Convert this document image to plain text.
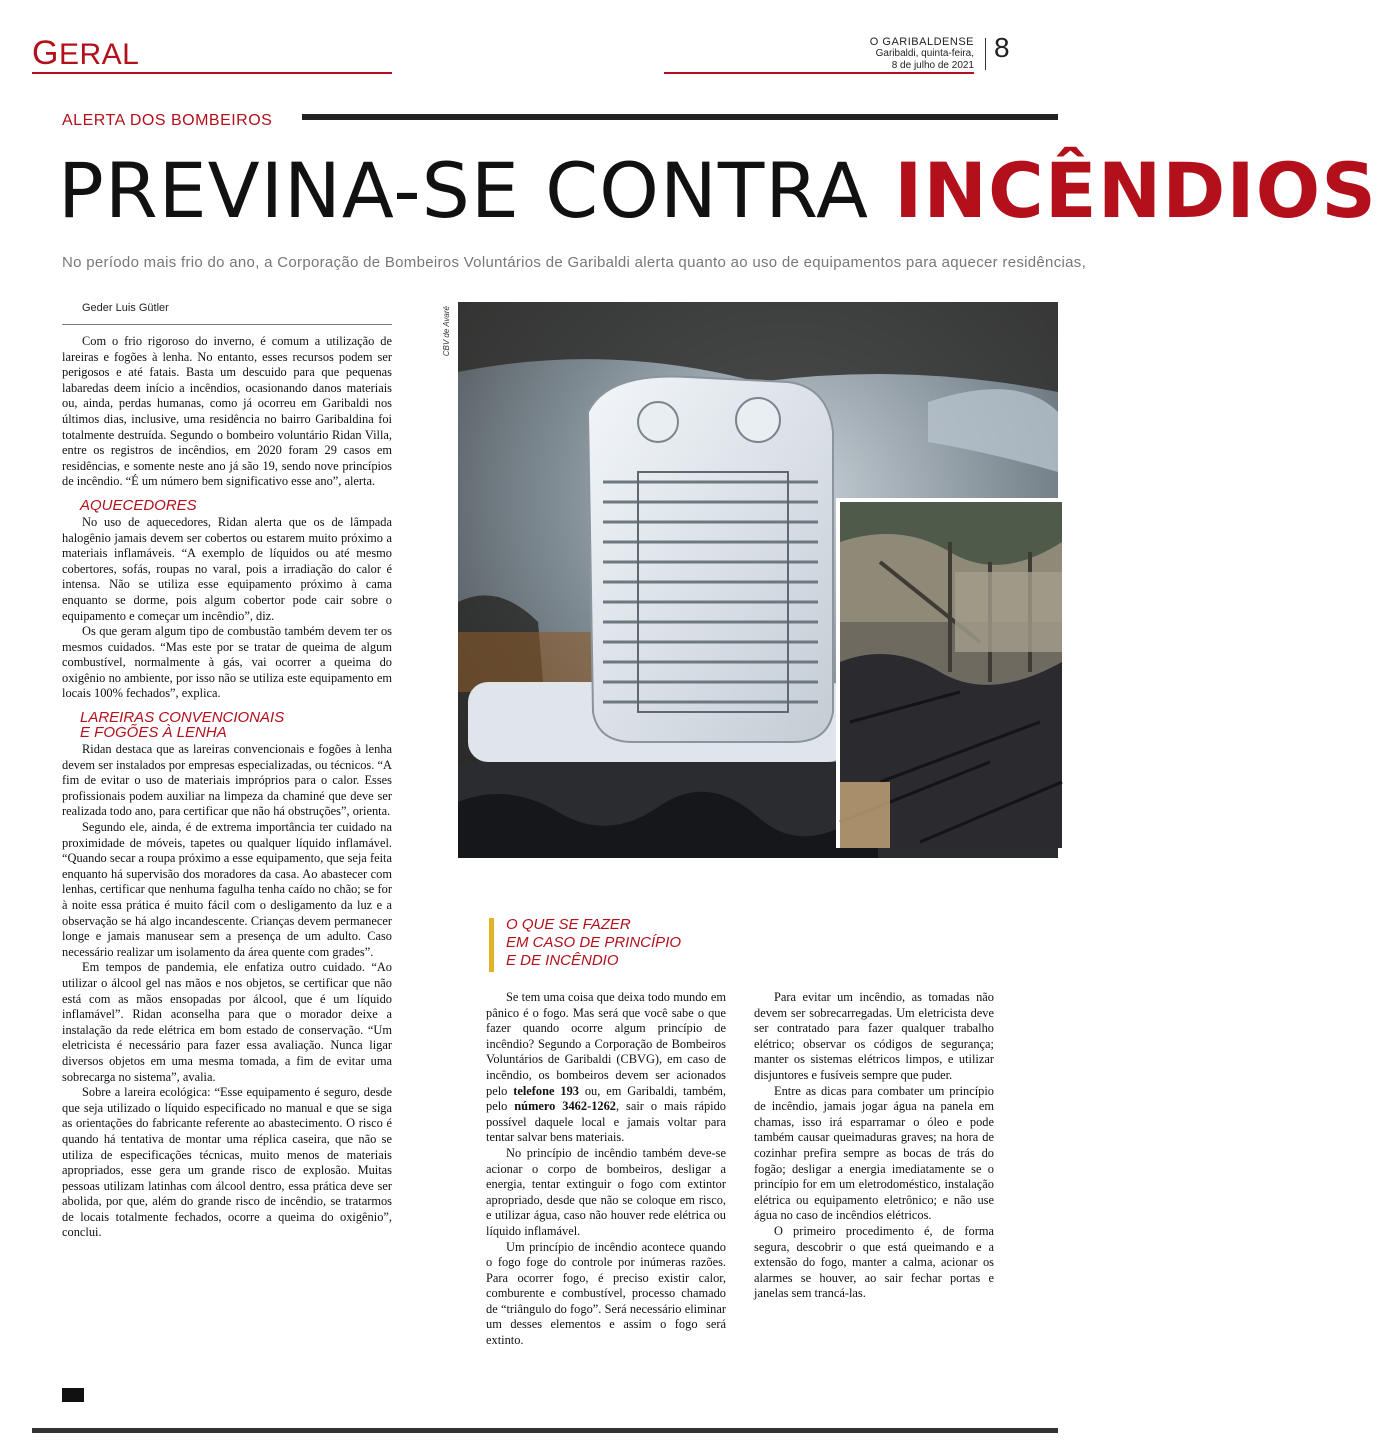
GERAL	O GARIBALDENSE
Garibaldi, quinta-feira,
8 de julho de 2021
8
ALERTA DOS BOMBEIROS
PREVINA-SE CONTRA INCÊNDIOS
No período mais frio do ano, a Corporação de Bombeiros Voluntários de Garibaldi alerta quanto ao uso de equipamentos para aquecer residências,
Geder Luis Gütler

Com o frio rigoroso do inverno, é comum a utilização de lareiras e fogões à lenha. No entanto, esses recursos podem ser perigosos e até fatais. Basta um descuido para que pequenas labaredas deem início a incêndios, ocasionando danos materiais ou, ainda, perdas humanas, como já ocorreu em Garibaldi nos últimos dias, inclusive, uma residência no bairro Garibaldina foi totalmente destruída. Segundo o bombeiro voluntário Ridan Villa, entre os registros de incêndios, em 2020 foram 29 casos em residências, e somente neste ano já são 19, sendo nove princípios de incêndio. “É um número bem significativo esse ano”, alerta.

AQUECEDORES

No uso de aquecedores, Ridan alerta que os de lâmpada halogênio jamais devem ser cobertos ou estarem muito próximo a materiais inflamáveis. “A exemplo de líquidos ou até mesmo cobertores, sofás, roupas no varal, pois a irradiação do calor é intensa. Não se utiliza esse equipamento próximo à cama enquanto se dorme, pois algum cobertor pode cair sobre o equipamento e começar um incêndio”, diz.

Os que geram algum tipo de combustão também devem ter os mesmos cuidados. “Mas este por se tratar de queima de algum combustível, normalmente à gás, vai ocorrer a queima do oxigênio no ambiente, por isso não se utiliza este equipamento em locais 100% fechados”, explica.

LAREIRAS CONVENCIONAIS
E FOGÕES À LENHA

Ridan destaca que as lareiras convencionais e fogões à lenha devem ser instalados por empresas especializadas, ou técnicos. “A fim de evitar o uso de materiais impróprios para o calor. Esses profissionais podem auxiliar na limpeza da chaminé que deve ser realizada todo ano, para certificar que não há obstruções”, orienta.

Segundo ele, ainda, é de extrema importância ter cuidado na proximidade de móveis, tapetes ou qualquer líquido inflamável. “Quando secar a roupa próximo a esse equipamento, que seja feita enquanto há supervisão dos moradores da casa. Ao abastecer com lenhas, certificar que nenhuma fagulha tenha caído no chão; se for à noite essa prática é muito fácil com o desligamento da luz e a observação se há algo incandescente. Crianças devem permanecer longe e jamais manusear sem a presença de um adulto. Caso necessário realizar um isolamento da área quente com grades”.

Em tempos de pandemia, ele enfatiza outro cuidado. “Ao utilizar o álcool gel nas mãos e nos objetos, se certificar que não está com as mãos ensopadas por álcool, que é um líquido inflamável”. Ridan aconselha para que o morador deixe a instalação da rede elétrica em bom estado de conservação. “Um eletricista é necessário para fazer essa avaliação. Nunca ligar diversos objetos em uma mesma tomada, a fim de evitar uma sobrecarga no sistema”, avalia.

Sobre a lareira ecológica: “Esse equipamento é seguro, desde que seja utilizado o líquido especificado no manual e que se siga as orientações do fabricante referente ao abastecimento. O risco é quando há tentativa de montar uma réplica caseira, que não se utiliza de especificações técnicas, muito menos de materiais apropriados, esse gera um grande risco de explosão. Muitas pessoas utilizam latinhas com álcool dentro, essa prática deve ser abolida, por que, além do grande risco de incêndio, se tratarmos de locais totalmente fechados, ocorre a queima do oxigênio”, conclui.

CBV de Avaré
O QUE SE FAZER
EM CASO DE PRINCÍPIO
E DE INCÊNDIO

Se tem uma coisa que deixa todo mundo em pânico é o fogo. Mas será que você sabe o que fazer quando ocorre algum princípio de incêndio? Segundo a Corporação de Bombeiros Voluntários de Garibaldi (CBVG), em caso de incêndio, os bombeiros devem ser acionados pelo telefone 193 ou, em Garibaldi, também, pelo número 3462-1262, sair o mais rápido possível daquele local e jamais voltar para tentar salvar bens materiais.

No princípio de incêndio também deve-se acionar o corpo de bombeiros, desligar a energia, tentar extinguir o fogo com extintor apropriado, desde que não se coloque em risco, e utilizar água, caso não houver rede elétrica ou líquido inflamável.

Um princípio de incêndio acontece quando o fogo foge do controle por inúmeras razões. Para ocorrer fogo, é preciso existir calor, comburente e combustível, processo chamado de “triângulo do fogo”. Será necessário eliminar um desses elementos e assim o fogo será extinto.

Para evitar um incêndio, as tomadas não devem ser sobrecarregadas. Um eletricista deve ser contratado para fazer qualquer trabalho elétrico; observar os códigos de segurança; manter os sistemas elétricos limpos, e utilizar disjuntores e fusíveis sempre que puder.

Entre as dicas para combater um princípio de incêndio, jamais jogar água na panela em chamas, isso irá esparramar o óleo e pode também causar queimaduras graves; na hora de cozinhar prefira sempre as bocas de trás do fogão; desligar a energia imediatamente se o princípio for em um eletrodoméstico, instalação elétrica ou equipamento eletrônico; e não use água no caso de incêndios elétricos.

O primeiro procedimento é, de forma segura, descobrir o que está queimando e a extensão do fogo, manter a calma, acionar os alarmes se houver, ao sair fechar portas e janelas sem trancá-las.
